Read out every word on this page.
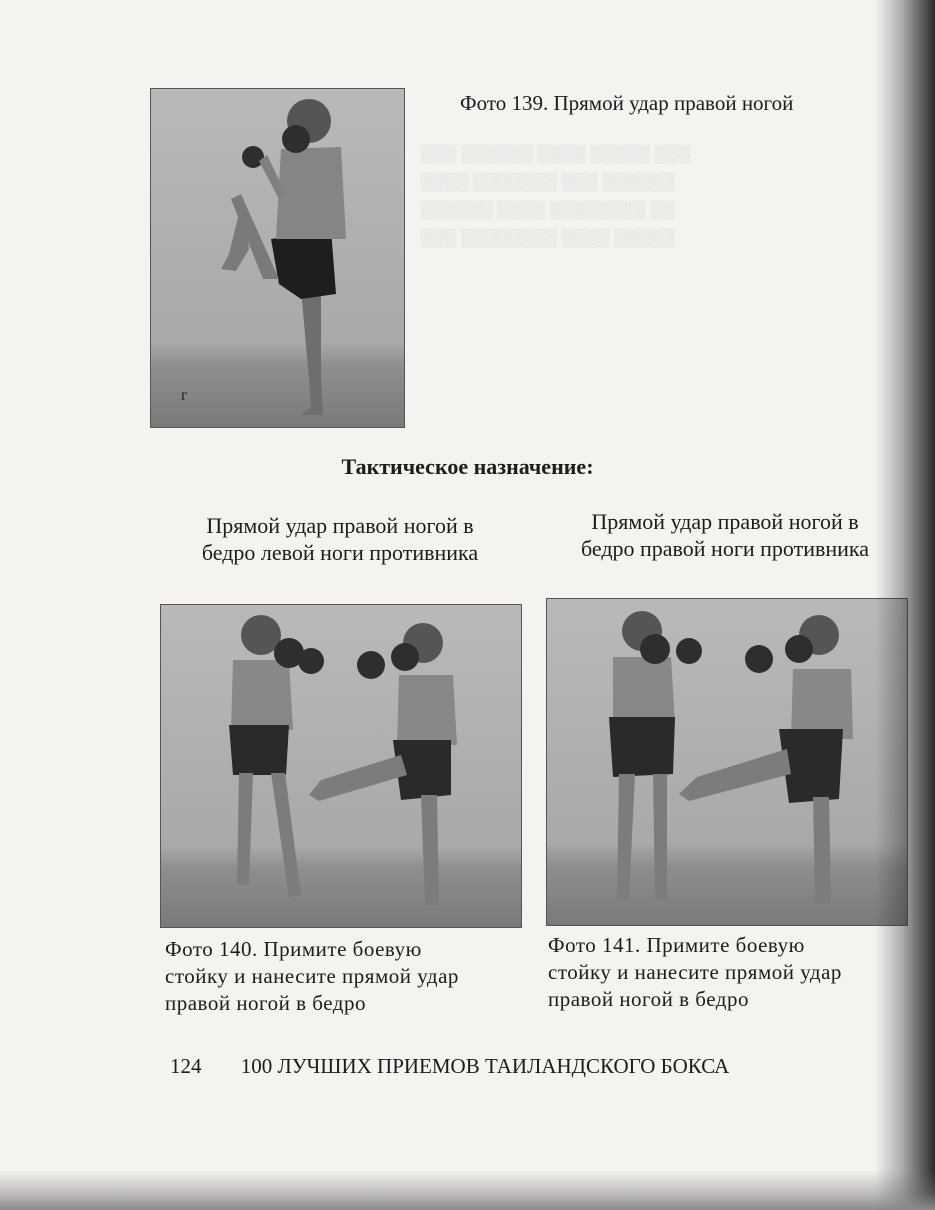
г
Фото 139. Прямой удар правой ногой
░░░ ░░░░░░ ░░░░ ░░░░░ ░░░
░░░░ ░░░░░░░ ░░░ ░░░░░░
░░░░░░ ░░░░ ░░░░░░░░ ░░
░░░ ░░░░░░░░ ░░░░ ░░░░░
Тактическое назначение:
Прямой удар правой ногой в
бедро левой ноги противника
Прямой удар правой ногой в
бедро правой ноги противника
Фото 140. Примите боевую
стойку и нанесите прямой удар
правой ногой в бедро
Фото 141. Примите боевую
стойку и нанесите прямой удар
правой ногой в бедро
124 100 ЛУЧШИХ ПРИЕМОВ ТАИЛАНДСКОГО БОКСА
